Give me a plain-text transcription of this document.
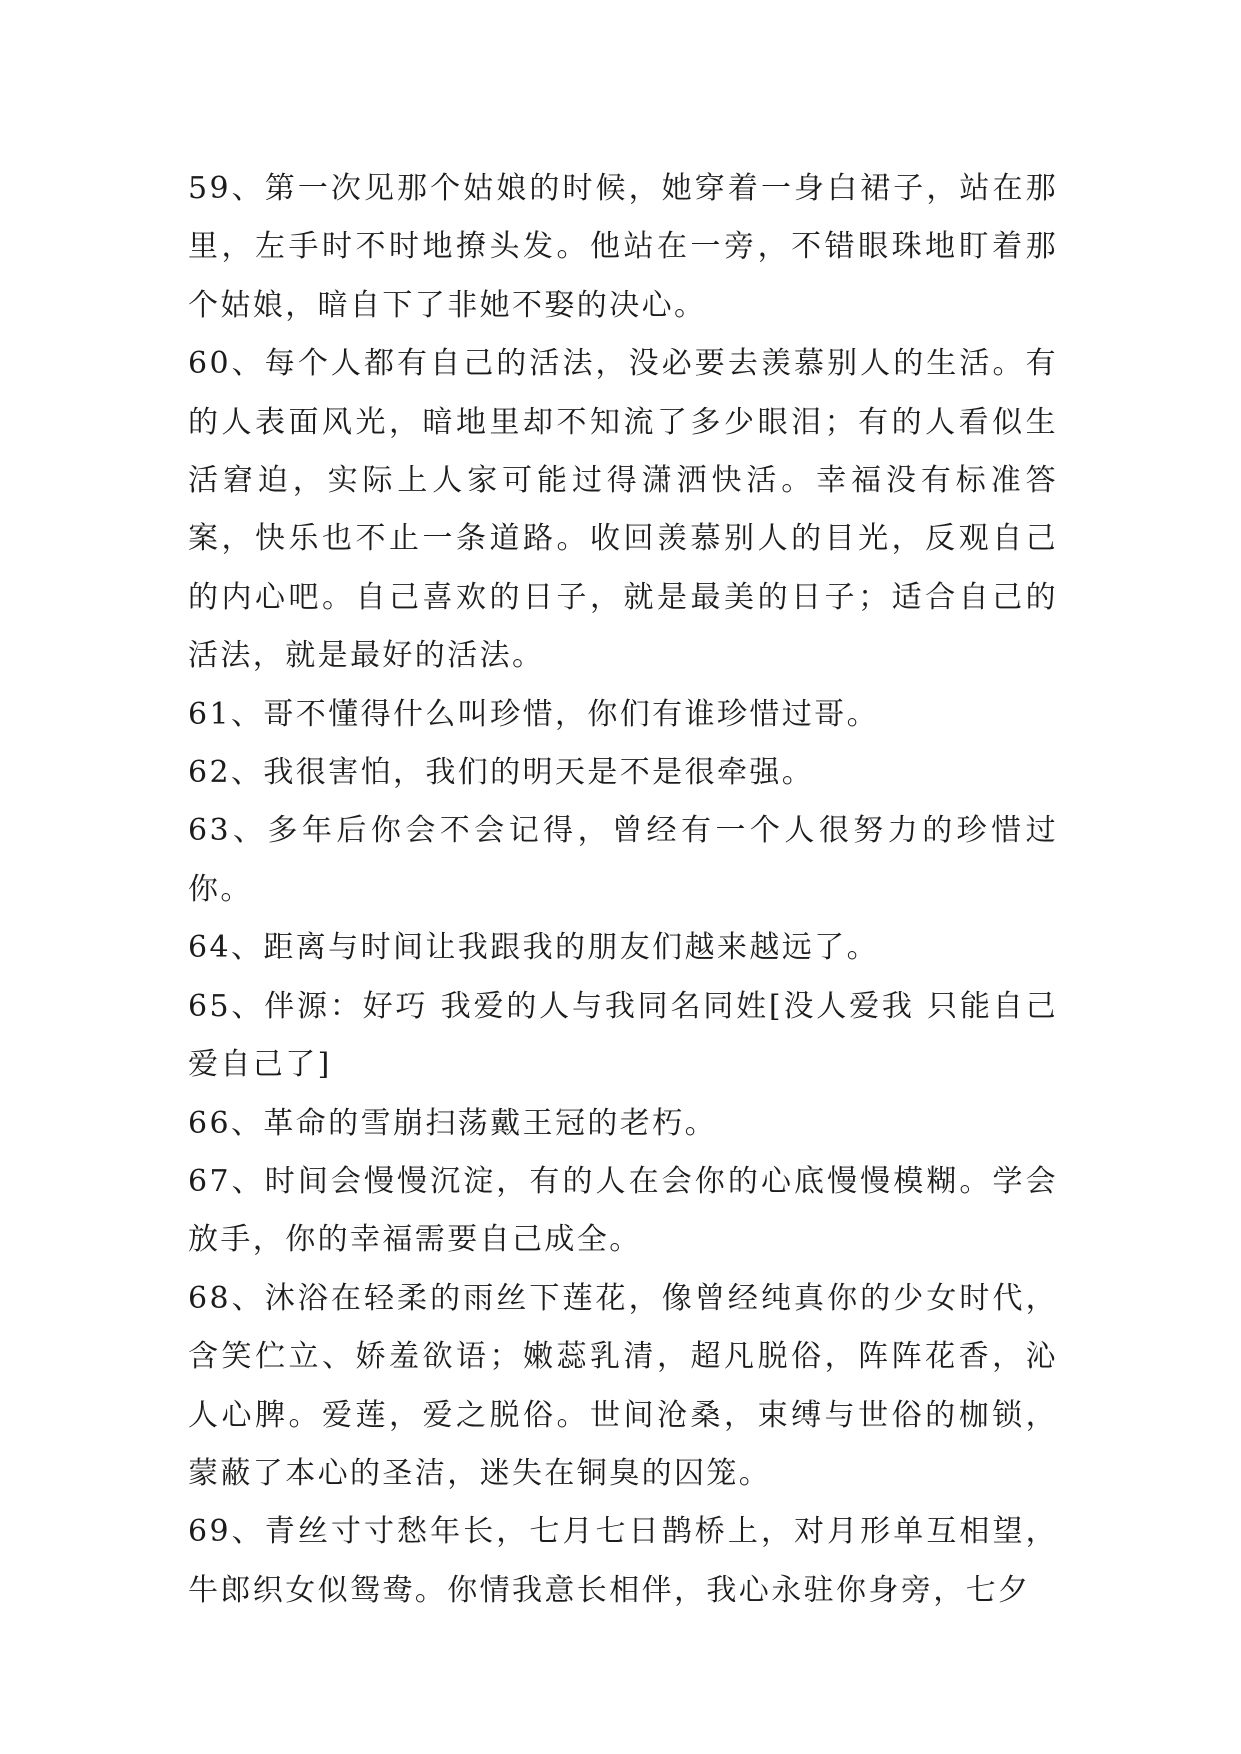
59、第一次见那个姑娘的时候，她穿着一身白裙子，站在那里，左手时不时地撩头发。他站在一旁，不错眼珠地盯着那个姑娘，暗自下了非她不娶的决心。

60、每个人都有自己的活法，没必要去羡慕别人的生活。有的人表面风光，暗地里却不知流了多少眼泪；有的人看似生活窘迫，实际上人家可能过得潇洒快活。幸福没有标准答案，快乐也不止一条道路。收回羡慕别人的目光，反观自己的内心吧。自己喜欢的日子，就是最美的日子；适合自己的活法，就是最好的活法。

61、哥不懂得什么叫珍惜，你们有谁珍惜过哥。

62、我很害怕，我们的明天是不是很牵强。

63、多年后你会不会记得，曾经有一个人很努力的珍惜过你。

64、距离与时间让我跟我的朋友们越来越远了。

65、伴源：好巧 我爱的人与我同名同姓[没人爱我 只能自己爱自己了]

66、革命的雪崩扫荡戴王冠的老朽。

67、时间会慢慢沉淀，有的人在会你的心底慢慢模糊。学会放手，你的幸福需要自己成全。

68、沐浴在轻柔的雨丝下莲花，像曾经纯真你的少女时代，含笑伫立、娇羞欲语；嫩蕊乳清，超凡脱俗，阵阵花香，沁人心脾。爱莲，爱之脱俗。世间沧桑，束缚与世俗的枷锁，蒙蔽了本心的圣洁，迷失在铜臭的囚笼。

69、青丝寸寸愁年长，七月七日鹊桥上，对月形单互相望，牛郎织女似鸳鸯。你情我意长相伴，我心永驻你身旁，七夕
